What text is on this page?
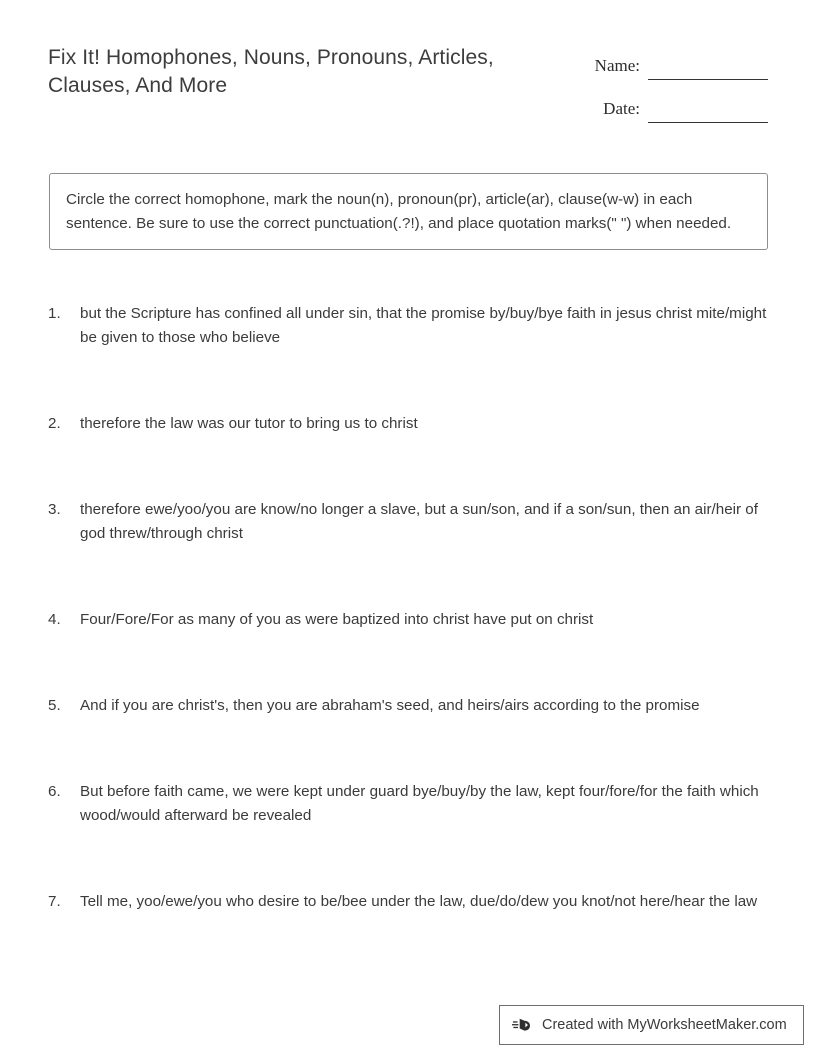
Fix It! Homophones, Nouns, Pronouns, Articles, Clauses, And More
Name:
Date:

Circle the correct homophone, mark the noun(n), pronoun(pr), article(ar), clause(w-w) in each sentence. Be sure to use the correct punctuation(.?!), and place quotation marks(" ") when needed.

1.	but the Scripture has confined all under sin, that the promise by/buy/bye faith in jesus christ mite/might be given to those who believe
2.	therefore the law was our tutor to bring us to christ
3.	therefore ewe/yoo/you are know/no longer a slave, but a sun/son, and if a son/sun, then an air/heir of god threw/through christ
4.	Four/Fore/For as many of you as were baptized into christ have put on christ
5.	And if you are christ's, then you are abraham's seed, and heirs/airs according to the promise
6.	But before faith came, we were kept under guard bye/buy/by the law, kept four/fore/for the faith which wood/would afterward be revealed
7.	Tell me, yoo/ewe/you who desire to be/bee under the law, due/do/dew you knot/not here/hear the law
Created with MyWorksheetMaker.com
